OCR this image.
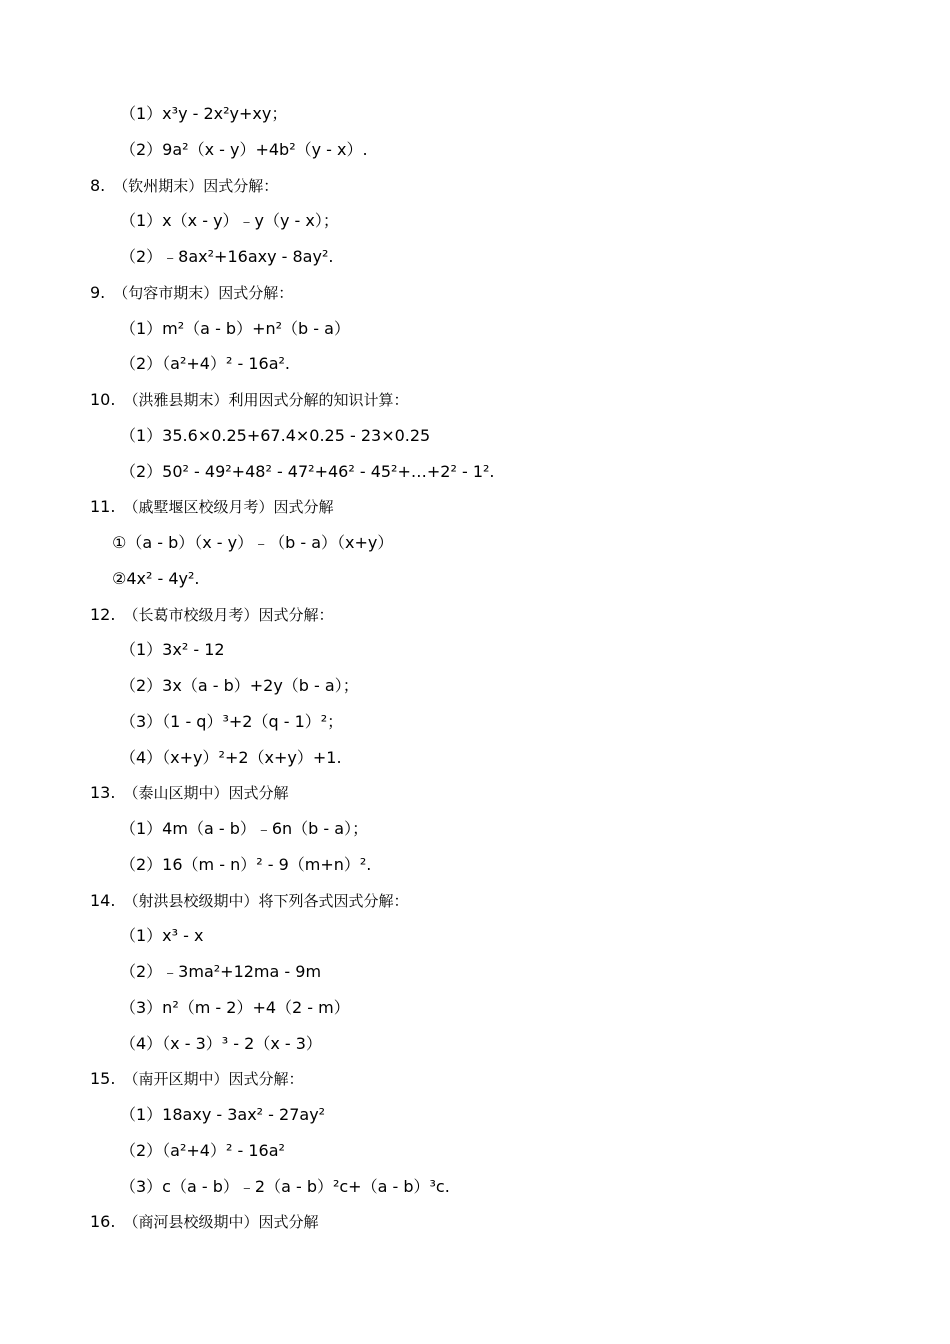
（1）x³y - 2x²y+xy；
（2）9a²（x - y）+4b²（y - x）.
8. （钦州期末）因式分解：
（1）x（x - y）﹣y（y - x）；
（2）﹣8ax²+16axy - 8ay².
9. （句容市期末）因式分解：
（1）m²（a - b）+n²（b - a）
（2）（a²+4）² - 16a².
10. （洪雅县期末）利用因式分解的知识计算：
（1）35.6×0.25+67.4×0.25 - 23×0.25
（2）50² - 49²+48² - 47²+46² - 45²+…+2² - 1².
11. （戚墅堰区校级月考）因式分解
①（a - b）（x - y）﹣（b - a）（x+y）
②4x² - 4y².
12. （长葛市校级月考）因式分解：
（1）3x² - 12
（2）3x（a - b）+2y（b - a）；
（3）（1 - q）³+2（q - 1）²；
（4）（x+y）²+2（x+y）+1.
13. （泰山区期中）因式分解
（1）4m（a - b）﹣6n（b - a）；
（2）16（m - n）² - 9（m+n）².
14. （射洪县校级期中）将下列各式因式分解：
（1）x³ - x
（2）﹣3ma²+12ma - 9m
（3）n²（m - 2）+4（2 - m）
（4）（x - 3）³ - 2（x - 3）
15. （南开区期中）因式分解：
（1）18axy - 3ax² - 27ay²
（2）（a²+4）² - 16a²
（3）c（a - b）﹣2（a - b）²c+（a - b）³c.
16. （商河县校级期中）因式分解
